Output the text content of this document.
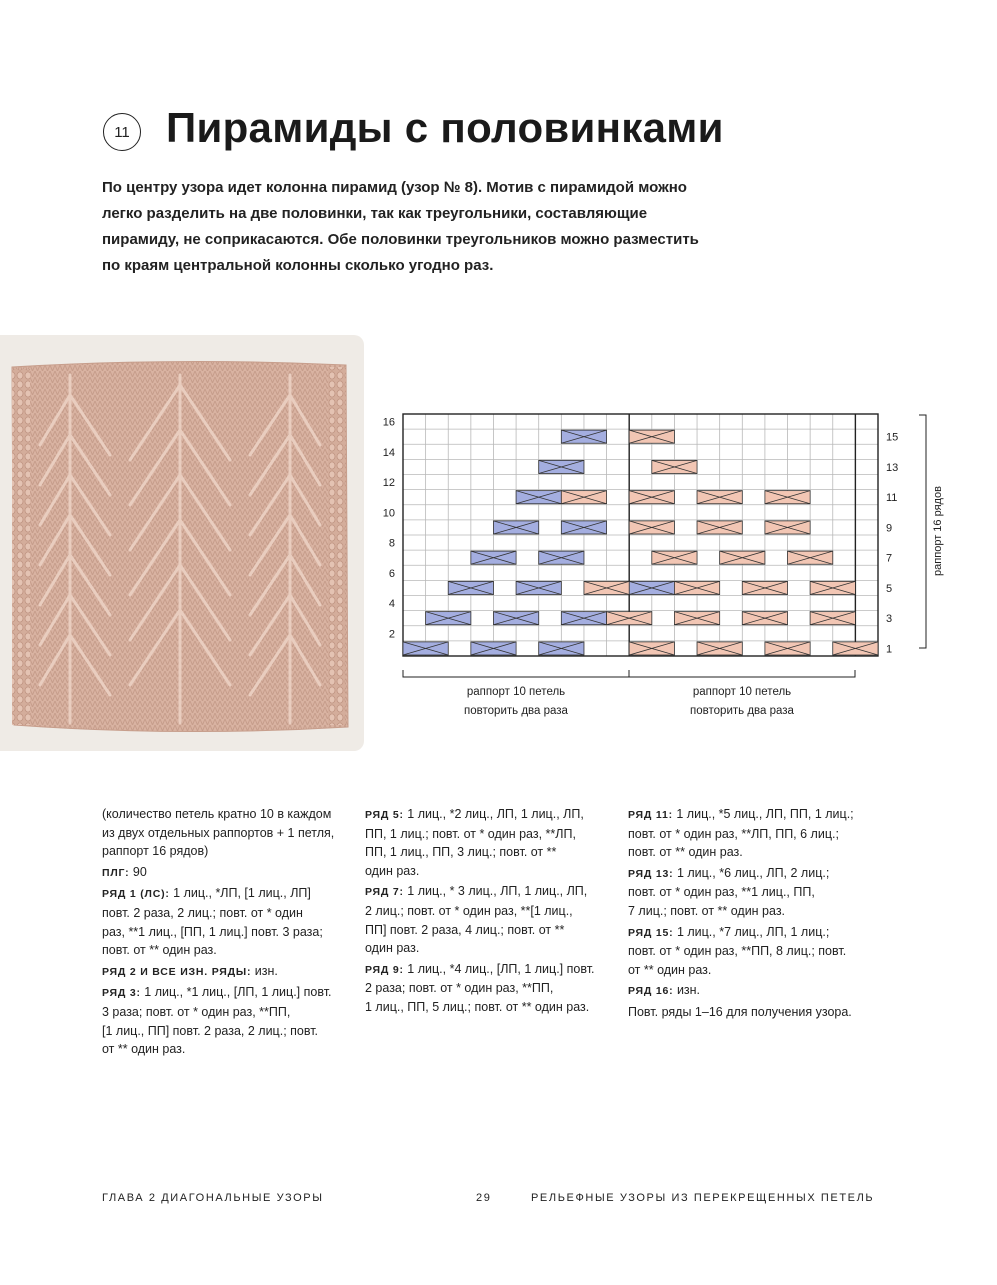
11 Пирамиды с половинками
По центру узора идет колонна пирамид (узор № 8). Мотив с пирамидой можно
легко разделить на две половинки, так как треугольники, составляющие
пирамиду, не соприкасаются. Обе половинки треугольников можно разместить
по краям центральной колонны сколько угодно раз.
16
14
12
10
8
6
4
2
15
13
11
9
7
5
3
1
раппорт 16 рядов
раппорт 10 петель
повторить два раза
раппорт 10 петель
повторить два раза

(количество петель кратно 10 в каждом
из двух отдельных раппортов + 1 петля,
раппорт 16 рядов)

ПЛГ: 90

РЯД 1 (ЛС): 1 лиц., *ЛП, [1 лиц., ЛП]
повт. 2 раза, 2 лиц.; повт. от * один
раз, **1 лиц., [ПП, 1 лиц.] повт. 3 раза;
повт. от ** один раз.

РЯД 2 И ВСЕ ИЗН. РЯДЫ: изн.

РЯД 3: 1 лиц., *1 лиц., [ЛП, 1 лиц.] повт.
3 раза; повт. от * один раз, **ПП,
[1 лиц., ПП] повт. 2 раза, 2 лиц.; повт.
от ** один раз.

РЯД 5: 1 лиц., *2 лиц., ЛП, 1 лиц., ЛП,
ПП, 1 лиц.; повт. от * один раз, **ЛП,
ПП, 1 лиц., ПП, 3 лиц.; повт. от **
один раз.

РЯД 7: 1 лиц., * 3 лиц., ЛП, 1 лиц., ЛП,
2 лиц.; повт. от * один раз, **[1 лиц.,
ПП] повт. 2 раза, 4 лиц.; повт. от **
один раз.

РЯД 9: 1 лиц., *4 лиц., [ЛП, 1 лиц.] повт.
2 раза; повт. от * один раз, **ПП,
1 лиц., ПП, 5 лиц.; повт. от ** один раз.

РЯД 11: 1 лиц., *5 лиц., ЛП, ПП, 1 лиц.;
повт. от * один раз, **ЛП, ПП, 6 лиц.;
повт. от ** один раз.

РЯД 13: 1 лиц., *6 лиц., ЛП, 2 лиц.;
повт. от * один раз, **1 лиц., ПП,
7 лиц.; повт. от ** один раз.

РЯД 15: 1 лиц., *7 лиц., ЛП, 1 лиц.;
повт. от * один раз, **ПП, 8 лиц.; повт.
от ** один раз.

РЯД 16: изн.

Повт. ряды 1–16 для получения узора.

ГЛАВА 2 ДИАГОНАЛЬНЫЕ УЗОРЫ	29	РЕЛЬЕФНЫЕ УЗОРЫ ИЗ ПЕРЕКРЕЩЕННЫХ ПЕТЕЛЬ
